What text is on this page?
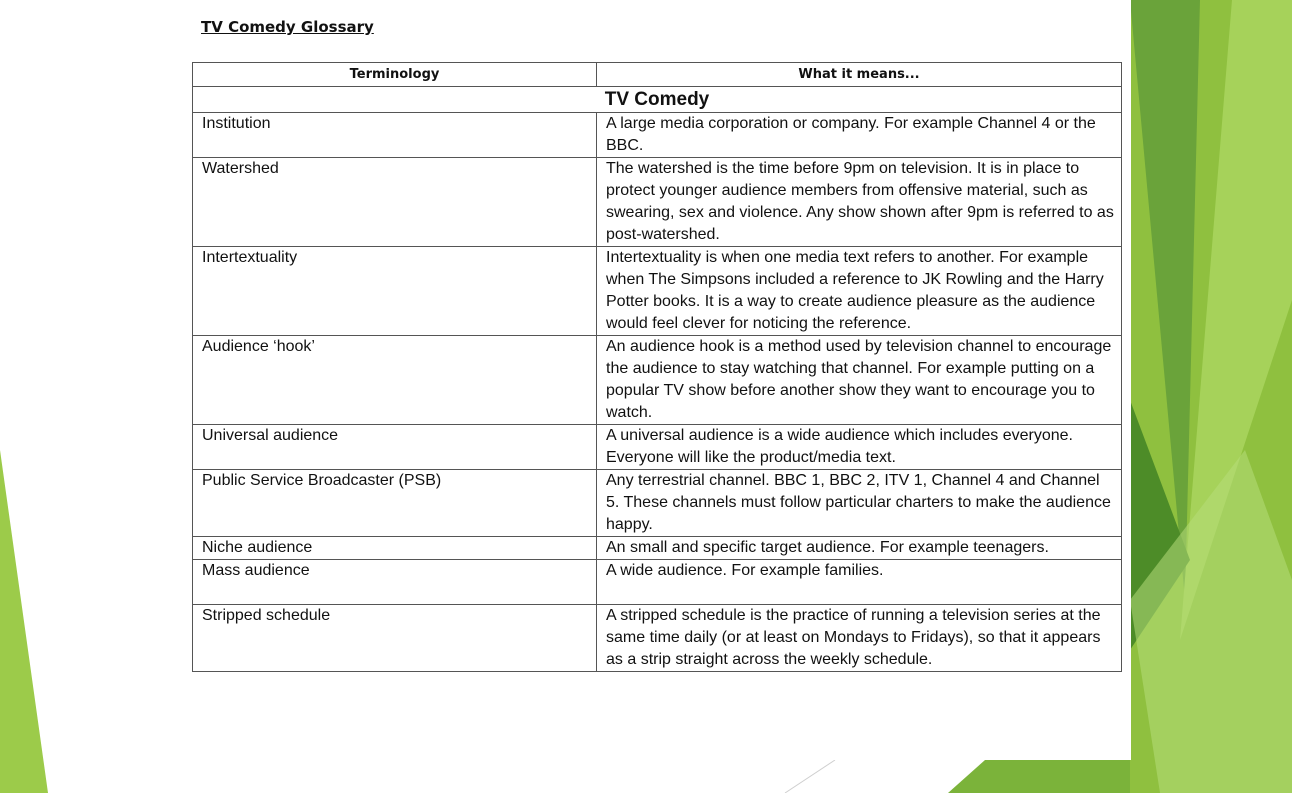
TV Comedy Glossary

Terminology	What it means...
TV Comedy	
Institution	A large media corporation or company. For example Channel 4 or the BBC.
Watershed	The watershed is the time before 9pm on television. It is in place to protect younger audience members from offensive material, such as swearing, sex and violence. Any show shown after 9pm is referred to as post-watershed.
Intertextuality	Intertextuality is when one media text refers to another. For example when The Simpsons included a reference to JK Rowling and the Harry Potter books. It is a way to create audience pleasure as the audience would feel clever for noticing the reference.
Audience ‘hook’	An audience hook is a method used by television channel to encourage the audience to stay watching that channel. For example putting on a popular TV show before another show they want to encourage you to watch.
Universal audience	A universal audience is a wide audience which includes everyone. Everyone will like the product/media text.
Public Service Broadcaster (PSB)	Any terrestrial channel. BBC 1, BBC 2, ITV 1, Channel 4 and Channel 5. These channels must follow particular charters to make the audience happy.
Niche audience	An small and specific target audience. For example teenagers.
Mass audience	A wide audience. For example families.
Stripped schedule	A stripped schedule is the practice of running a television series at the same time daily (or at least on Mondays to Fridays), so that it appears as a strip straight across the weekly schedule.
